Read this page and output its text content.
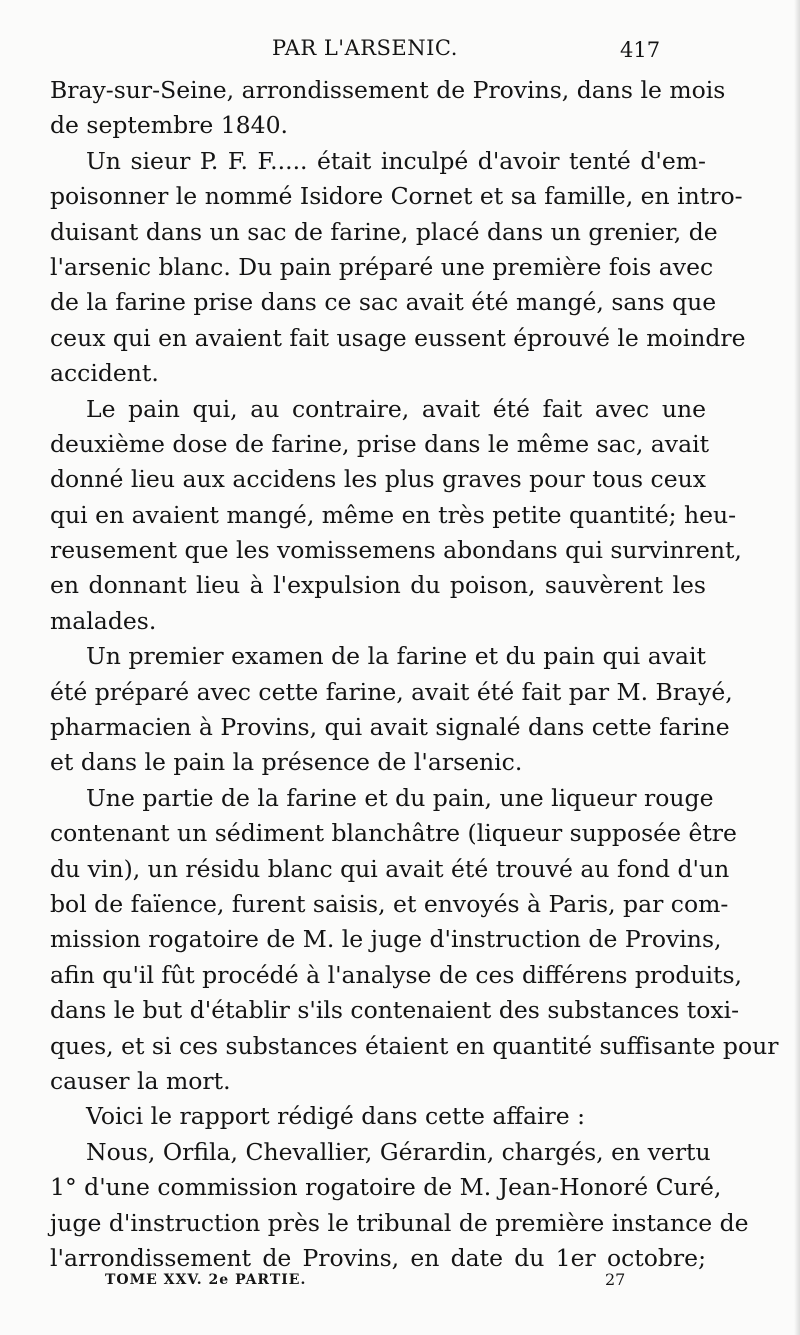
PAR L'ARSENIC.	417
Bray-sur-Seine, arrondissement de Provins, dans le mois
de septembre 1840.
Un sieur P. F. F..... était inculpé d'avoir tenté d'em-
poisonner le nommé Isidore Cornet et sa famille, en intro-
duisant dans un sac de farine, placé dans un grenier, de
l'arsenic blanc. Du pain préparé une première fois avec
de la farine prise dans ce sac avait été mangé, sans que
ceux qui en avaient fait usage eussent éprouvé le moindre
accident.
Le pain qui, au contraire, avait été fait avec une
deuxième dose de farine, prise dans le même sac, avait
donné lieu aux accidens les plus graves pour tous ceux
qui en avaient mangé, même en très petite quantité; heu-
reusement que les vomissemens abondans qui survinrent,
en donnant lieu à l'expulsion du poison, sauvèrent les
malades.
Un premier examen de la farine et du pain qui avait
été préparé avec cette farine, avait été fait par M. Brayé,
pharmacien à Provins, qui avait signalé dans cette farine
et dans le pain la présence de l'arsenic.
Une partie de la farine et du pain, une liqueur rouge
contenant un sédiment blanchâtre (liqueur supposée être
du vin), un résidu blanc qui avait été trouvé au fond d'un
bol de faïence, furent saisis, et envoyés à Paris, par com-
mission rogatoire de M. le juge d'instruction de Provins,
afin qu'il fût procédé à l'analyse de ces différens produits,
dans le but d'établir s'ils contenaient des substances toxi-
ques, et si ces substances étaient en quantité suffisante pour
causer la mort.
Voici le rapport rédigé dans cette affaire :
Nous, Orfila, Chevallier, Gérardin, chargés, en vertu
1° d'une commission rogatoire de M. Jean-Honoré Curé,
juge d'instruction près le tribunal de première instance de
l'arrondissement de Provins, en date du 1er octobre;
TOME XXV. 2e PARTIE.	27
